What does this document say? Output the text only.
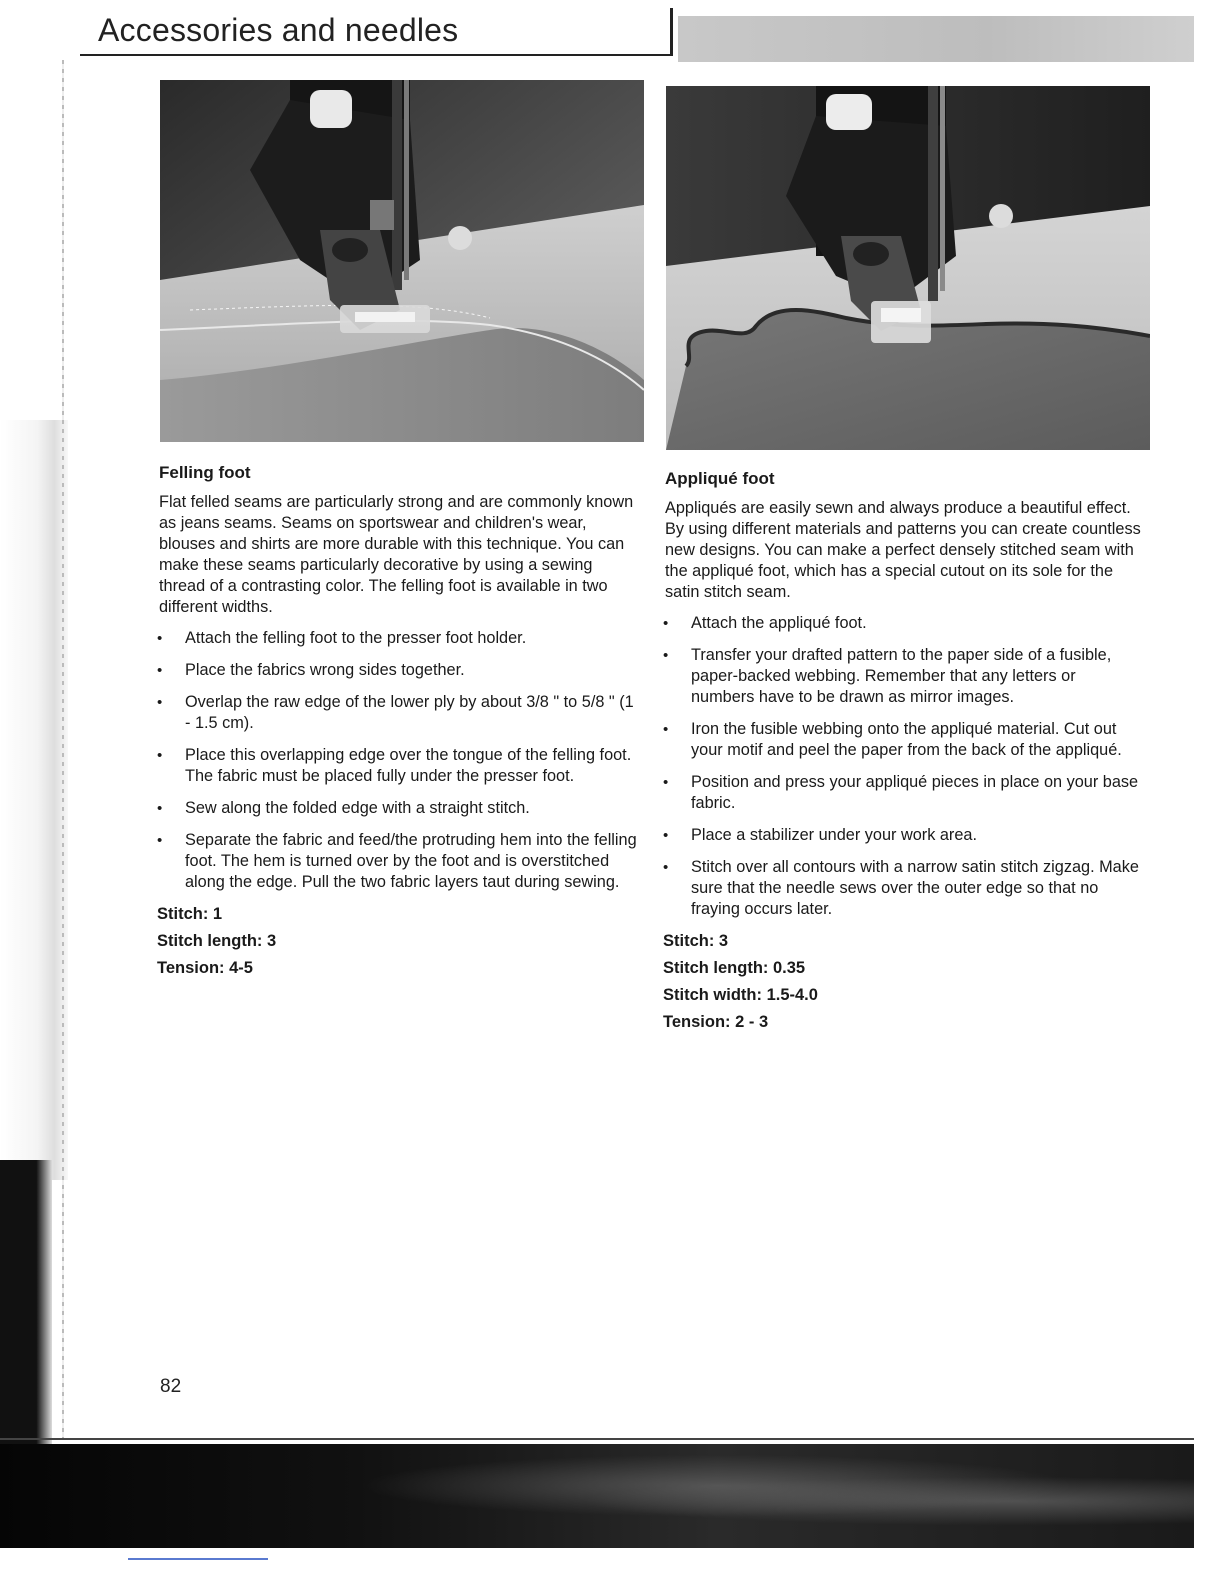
Accessories and needles
Felling foot
Flat felled seams are particularly strong and are commonly known as jeans seams. Seams on sportswear and children's wear, blouses and shirts are more durable with this technique. You can make these seams particularly decorative by using a sewing thread of a contrasting color. The felling foot is available in two different widths.
• Attach the felling foot to the presser foot holder.
• Place the fabrics wrong sides together.
• Overlap the raw edge of the lower ply by about 3/8 " to 5/8 " (1 - 1.5 cm).
• Place this overlapping edge over the tongue of the felling foot. The fabric must be placed fully under the presser foot.
• Sew along the folded edge with a straight stitch.
• Separate the fabric and feed/the protruding hem into the felling foot. The hem is turned over by the foot and is overstitched along the edge. Pull the two fabric layers taut during sewing.
Stitch: 1
Stitch length: 3
Tension: 4-5
Appliqué foot
Appliqués are easily sewn and always produce a beautiful effect. By using different materials and patterns you can create countless new designs. You can make a perfect densely stitched seam with the appliqué foot, which has a special cutout on its sole for the satin stitch seam.
• Attach the appliqué foot.
• Transfer your drafted pattern to the paper side of a fusible, paper-backed webbing. Remember that any letters or numbers have to be drawn as mirror images.
• Iron the fusible webbing onto the appliqué material. Cut out your motif and peel the paper from the back of the appliqué.
• Position and press your appliqué pieces in place on your base fabric.
• Place a stabilizer under your work area.
• Stitch over all contours with a narrow satin stitch zigzag. Make sure that the needle sews over the outer edge so that no fraying occurs later.
Stitch: 3
Stitch length: 0.35
Stitch width: 1.5-4.0
Tension: 2 - 3
82
